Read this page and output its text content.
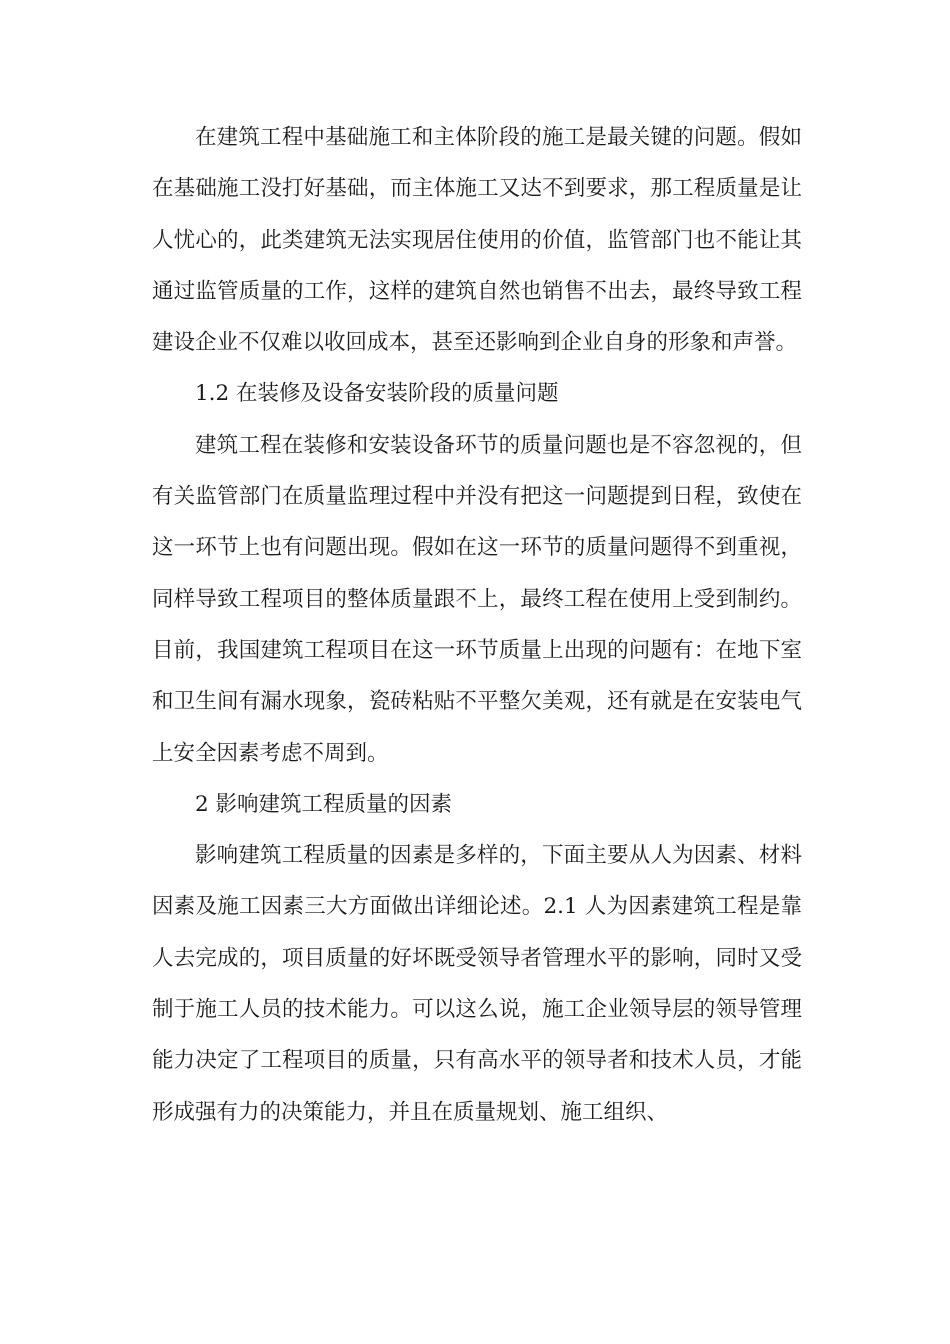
在建筑工程中基础施工和主体阶段的施工是最关键的问题。假如在基础施工没打好基础，而主体施工又达不到要求，那工程质量是让人忧心的，此类建筑无法实现居住使用的价值，监管部门也不能让其通过监管质量的工作，这样的建筑自然也销售不出去，最终导致工程建设企业不仅难以收回成本，甚至还影响到企业自身的形象和声誉。

1.2 在装修及设备安装阶段的质量问题

建筑工程在装修和安装设备环节的质量问题也是不容忽视的，但有关监管部门在质量监理过程中并没有把这一问题提到日程，致使在这一环节上也有问题出现。假如在这一环节的质量问题得不到重视，同样导致工程项目的整体质量跟不上，最终工程在使用上受到制约。目前，我国建筑工程项目在这一环节质量上出现的问题有：在地下室和卫生间有漏水现象，瓷砖粘贴不平整欠美观，还有就是在安装电气上安全因素考虑不周到。

2 影响建筑工程质量的因素

影响建筑工程质量的因素是多样的，下面主要从人为因素、材料因素及施工因素三大方面做出详细论述。2.1 人为因素建筑工程是靠人去完成的，项目质量的好坏既受领导者管理水平的影响，同时又受制于施工人员的技术能力。可以这么说，施工企业领导层的领导管理能力决定了工程项目的质量，只有高水平的领导者和技术人员，才能形成强有力的决策能力，并且在质量规划、施工组织、
